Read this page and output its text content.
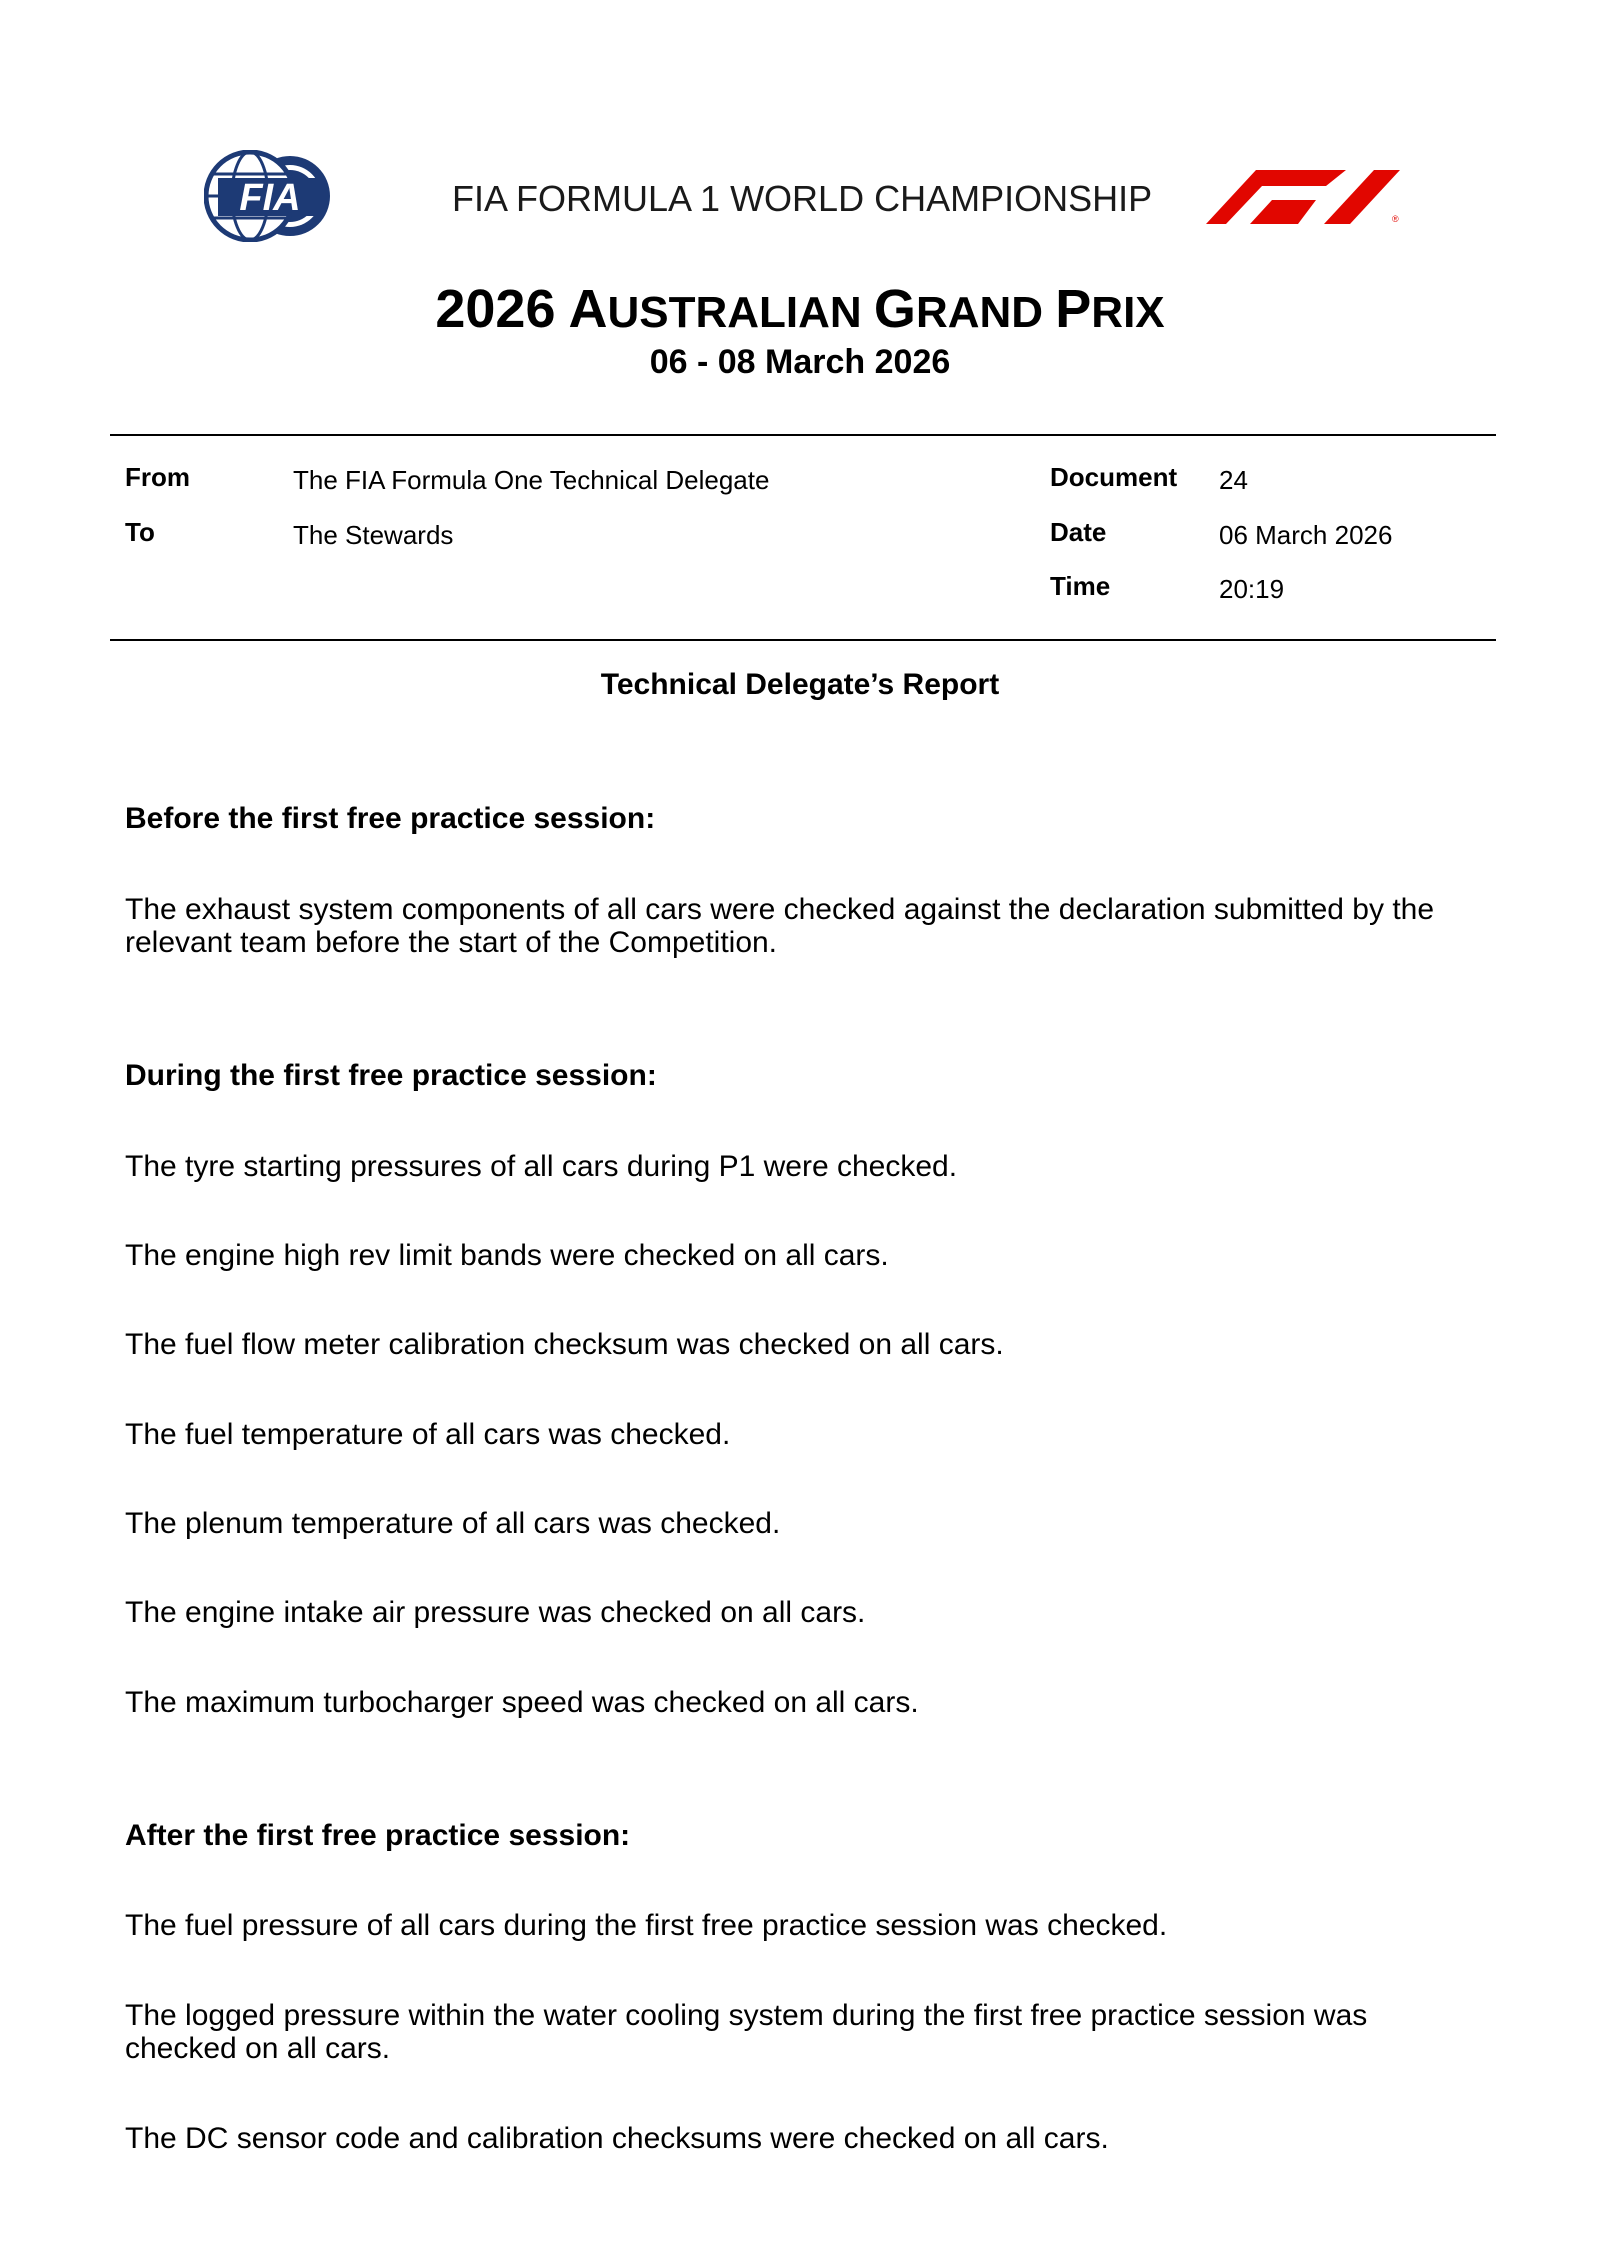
FIA	FIA FORMULA 1 WORLD CHAMPIONSHIP	®
2026 AUSTRALIAN GRAND PRIX
06 - 08 March 2026
From	The FIA Formula One Technical Delegate
To	The Stewards
Document 24
Date	06 March 2026
Time	20:19
Technical Delegate’s Report
Before the first free practice session:
The exhaust system components of all cars were checked against the declaration submitted by the relevant team before the start of the Competition.
During the first free practice session:
The tyre starting pressures of all cars during P1 were checked.
The engine high rev limit bands were checked on all cars.
The fuel flow meter calibration checksum was checked on all cars.
The fuel temperature of all cars was checked.
The plenum temperature of all cars was checked.
The engine intake air pressure was checked on all cars.
The maximum turbocharger speed was checked on all cars.
After the first free practice session:
The fuel pressure of all cars during the first free practice session was checked.
The logged pressure within the water cooling system during the first free practice session was checked on all cars.
The DC sensor code and calibration checksums were checked on all cars.
